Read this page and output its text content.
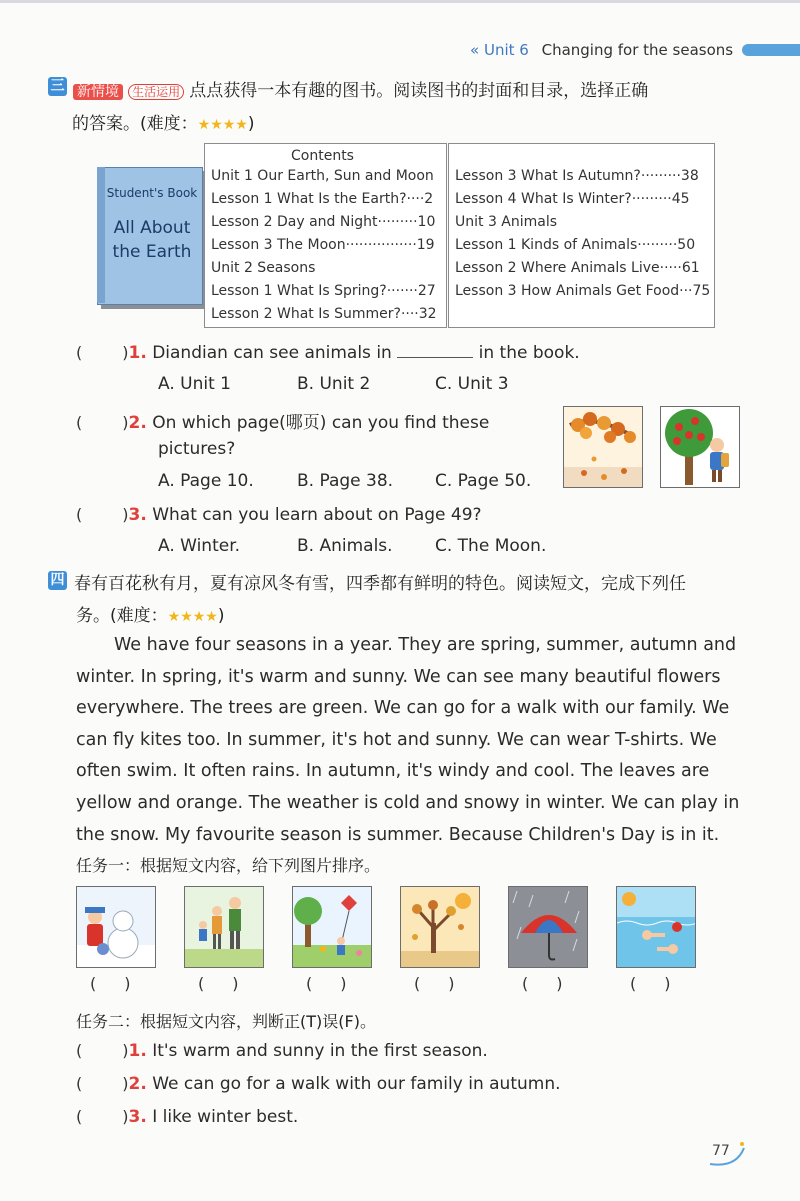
« Unit 6 Changing for the seasons
三 新情境 生活运用 点点获得一本有趣的图书。阅读图书的封面和目录，选择正确
的答案。(难度：★★★★)
Student's Book
All About
the Earth
Contents
Unit 1 Our Earth, Sun and Moon
Lesson 1 What Is the Earth?····2
Lesson 2 Day and Night·········10
Lesson 3 The Moon················19
Unit 2 Seasons
Lesson 1 What Is Spring?·······27
Lesson 2 What Is Summer?····32
Lesson 3 What Is Autumn?·········38
Lesson 4 What Is Winter?·········45
Unit 3 Animals
Lesson 1 Kinds of Animals·········50
Lesson 2 Where Animals Live·····61
Lesson 3 How Animals Get Food···75
(	)1. Diandian can see animals in	in the book.
A. Unit 1	B. Unit 2	C. Unit 3
(	)2. On which page(哪页) can you find these
pictures?
A. Page 10.	B. Page 38. C. Page 50.
(	)3. What can you learn about on Page 49?
A. Winter.	B. Animals. C. The Moon.
四 春有百花秋有月，夏有凉风冬有雪，四季都有鲜明的特色。阅读短文，完成下列任
务。(难度：★★★★)
We have four seasons in a year. They are spring, summer, autumn and
winter. In spring, it's warm and sunny. We can see many beautiful flowers
everywhere. The trees are green. We can go for a walk with our family. We
can fly kites too. In summer, it's hot and sunny. We can wear T-shirts. We
often swim. It often rains. In autumn, it's windy and cool. The leaves are
yellow and orange. The weather is cold and snowy in winter. We can play in
the snow. My favourite season is summer. Because Children's Day is in it.
任务一：根据短文内容，给下列图片排序。
( )	( )	( )	( )	( )	( )
任务二：根据短文内容，判断正(T)误(F)。
(	)1. It's warm and sunny in the first season.
(	)2. We can go for a walk with our family in autumn.
(	)3. I like winter best.
77
